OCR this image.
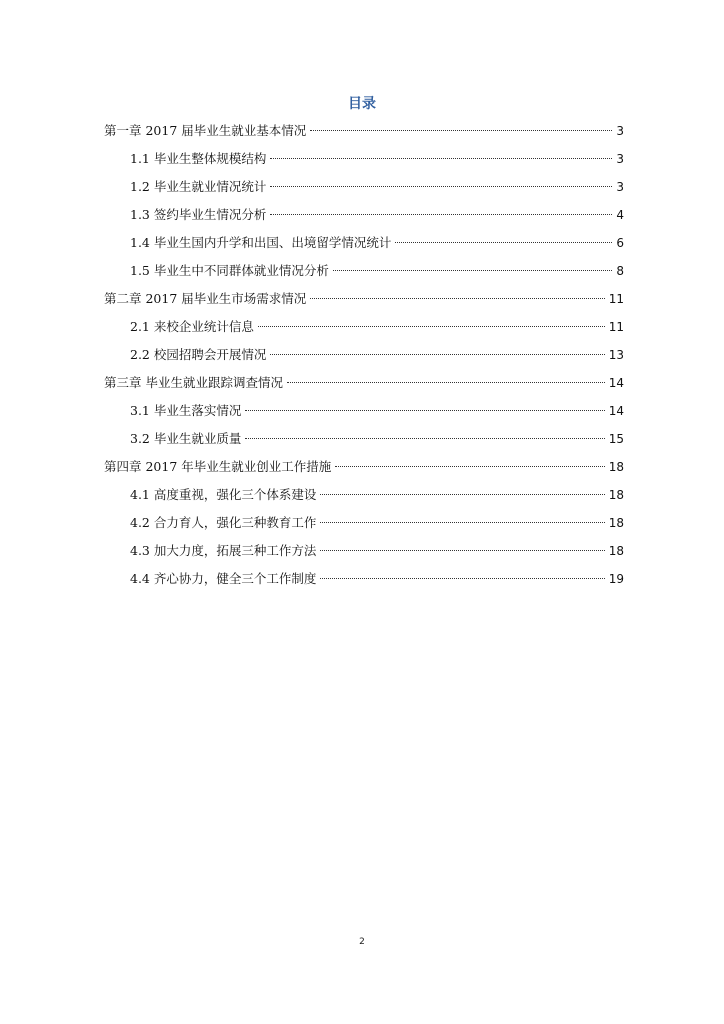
目录
第一章 2017 届毕业生就业基本情况	3
1.1 毕业生整体规模结构	3
1.2 毕业生就业情况统计	3
1.3 签约毕业生情况分析	4
1.4 毕业生国内升学和出国、出境留学情况统计	6
1.5 毕业生中不同群体就业情况分析	8
第二章 2017 届毕业生市场需求情况	11
2.1 来校企业统计信息	11
2.2 校园招聘会开展情况	13
第三章 毕业生就业跟踪调查情况	14
3.1 毕业生落实情况	14
3.2 毕业生就业质量	15
第四章 2017 年毕业生就业创业工作措施	18
4.1 高度重视，强化三个体系建设	18
4.2 合力育人，强化三种教育工作	18
4.3 加大力度，拓展三种工作方法	18
4.4 齐心协力，健全三个工作制度	19
2
